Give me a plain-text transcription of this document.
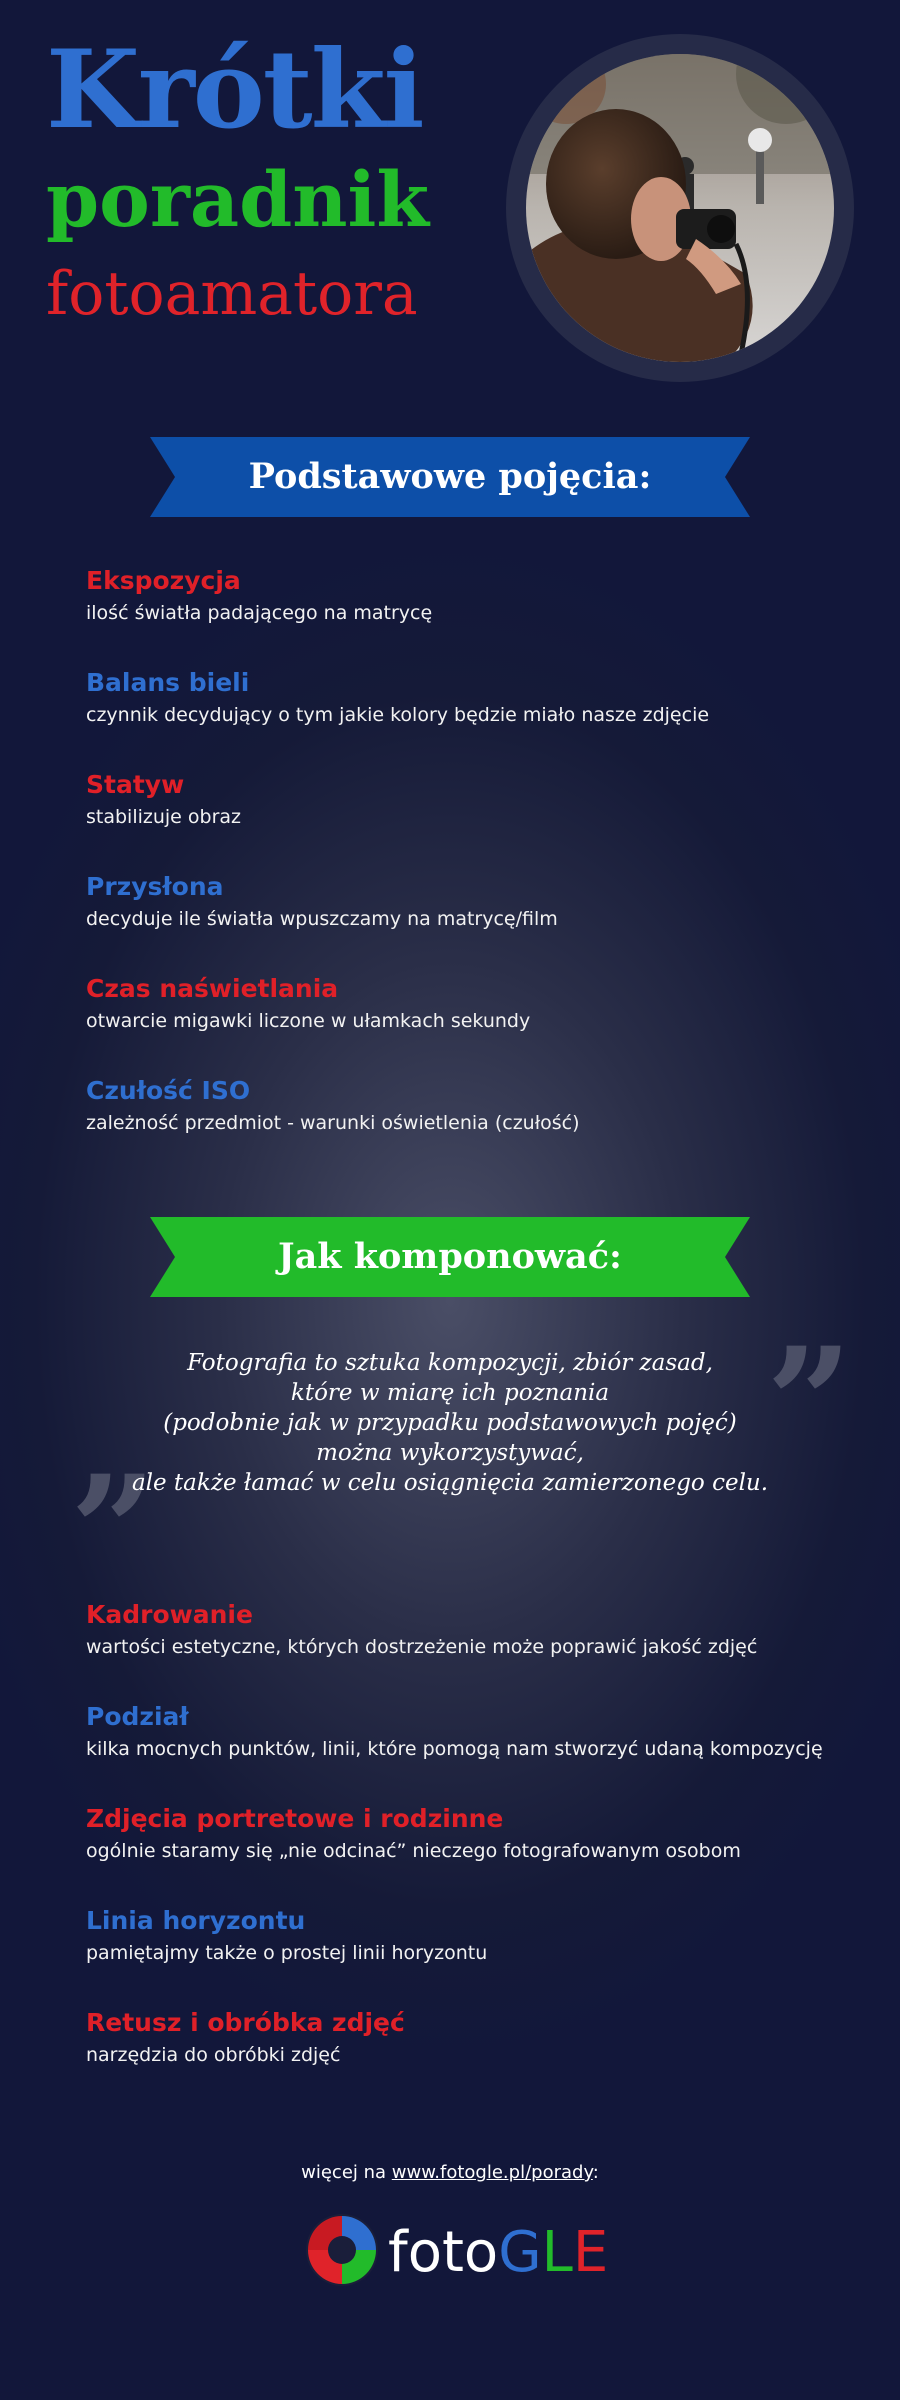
Krótki
poradnik
fotoamatora
Podstawowe pojęcia:
Ekspozycja
ilość światła padającego na matrycę
Balans bieli
czynnik decydujący o tym jakie kolory będzie miało nasze zdjęcie
Statyw
stabilizuje obraz
Przysłona
decyduje ile światła wpuszczamy na matrycę/film
Czas naświetlania
otwarcie migawki liczone w ułamkach sekundy
Czułość ISO
zależność przedmiot - warunki oświetlenia (czułość)
Jak komponować:
”
”
Fotografia to sztuka kompozycji, zbiór zasad,
które w miarę ich poznania
(podobnie jak w przypadku podstawowych pojęć)
można wykorzystywać,
ale także łamać w celu osiągnięcia zamierzonego celu.
Kadrowanie
wartości estetyczne, których dostrzeżenie może poprawić jakość zdjęć
Podział
kilka mocnych punktów, linii, które pomogą nam stworzyć udaną kompozycję
Zdjęcia portretowe i rodzinne
ogólnie staramy się „nie odcinać” nieczego fotografowanym osobom
Linia horyzontu
pamiętajmy także o prostej linii horyzontu
Retusz i obróbka zdjęć
narzędzia do obróbki zdjęć
więcej na www.fotogle.pl/porady:
fotoGLE
